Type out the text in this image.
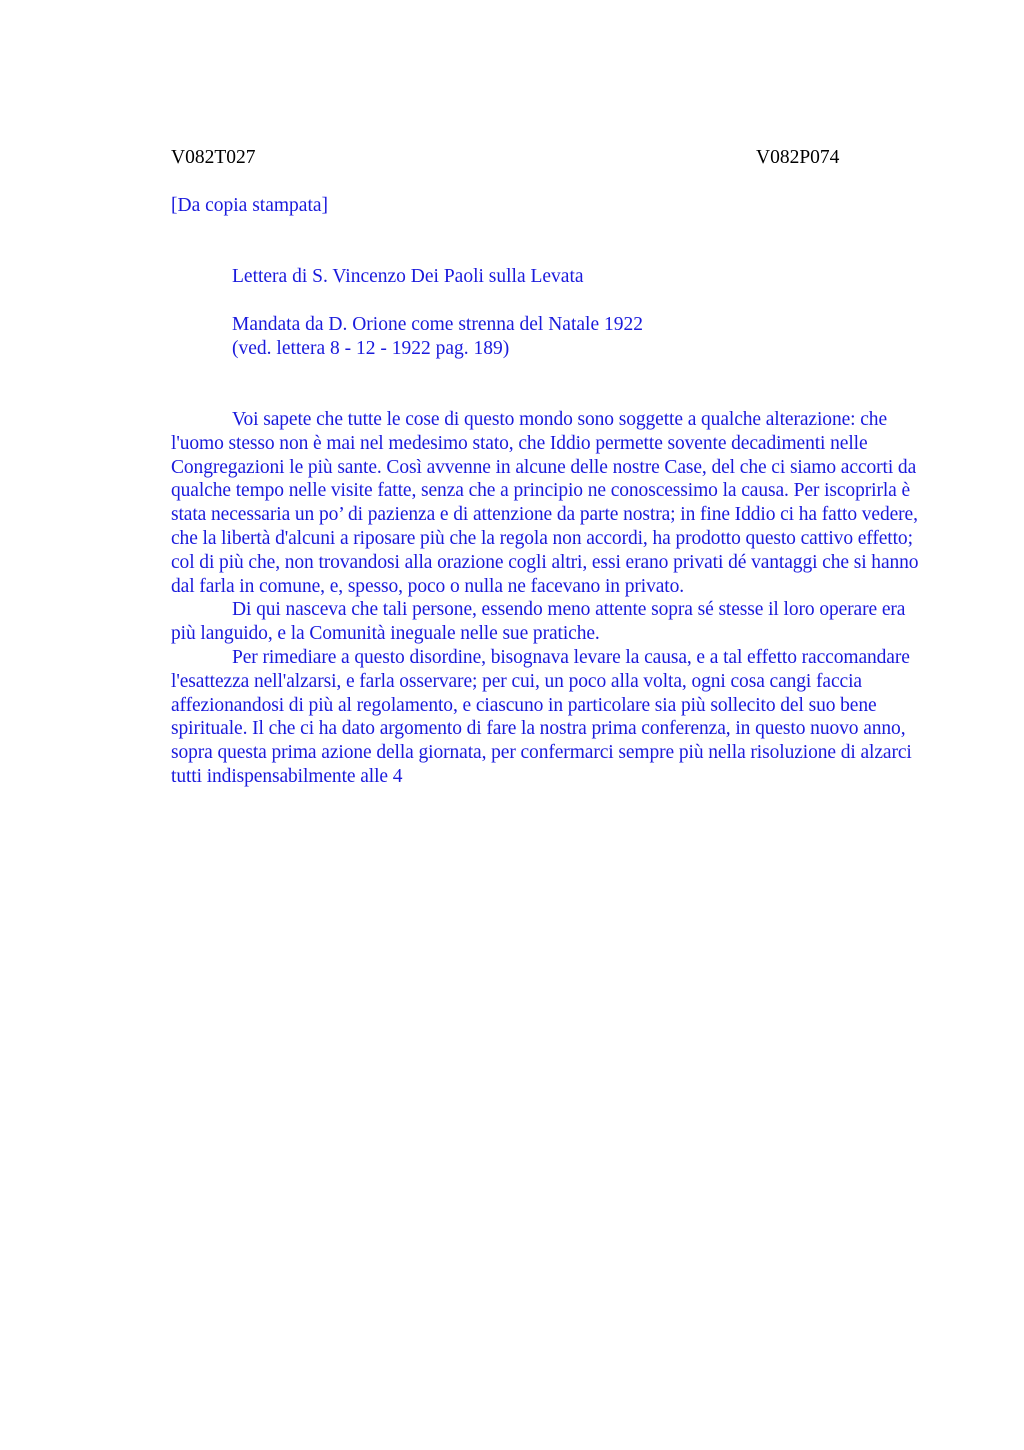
V082T027	V082P074
[Da copia stampata]
Lettera di S. Vincenzo Dei Paoli sulla Levata
Mandata da D. Orione come strenna del Natale 1922
(ved. lettera 8 - 12 - 1922 pag. 189)

Voi sapete che tutte le cose di questo mondo sono soggette a qualche alterazione: che l'uomo stesso non è mai nel medesimo stato, che Iddio permette sovente decadimenti nelle Congregazioni le più sante. Così avvenne in alcune delle nostre Case, del che ci siamo accorti da qualche tempo nelle visite fatte, senza che a principio ne conoscessimo la causa. Per iscoprirla è stata necessaria un po’ di pazienza e di attenzione da parte nostra; in fine Iddio ci ha fatto vedere, che la libertà d'alcuni a riposare più che la regola non accordi, ha prodotto questo cattivo effetto; col di più che, non trovandosi alla orazione cogli altri, essi erano privati dé vantaggi che si hanno dal farla in comune, e, spesso, poco o nulla ne facevano in privato.

Di qui nasceva che tali persone, essendo meno attente sopra sé stesse il loro operare era più languido, e la Comunità ineguale nelle sue pratiche.

Per rimediare a questo disordine, bisognava levare la causa, e a tal effetto raccomandare l'esattezza nell'alzarsi, e farla osservare; per cui, un poco alla volta, ogni cosa cangi faccia affezionandosi di più al regolamento, e ciascuno in particolare sia più sollecito del suo bene spirituale. Il che ci ha dato argomento di fare la nostra prima conferenza, in questo nuovo anno, sopra questa prima azione della giornata, per confermarci sempre più nella risoluzione di alzarci tutti indispensabilmente alle 4
